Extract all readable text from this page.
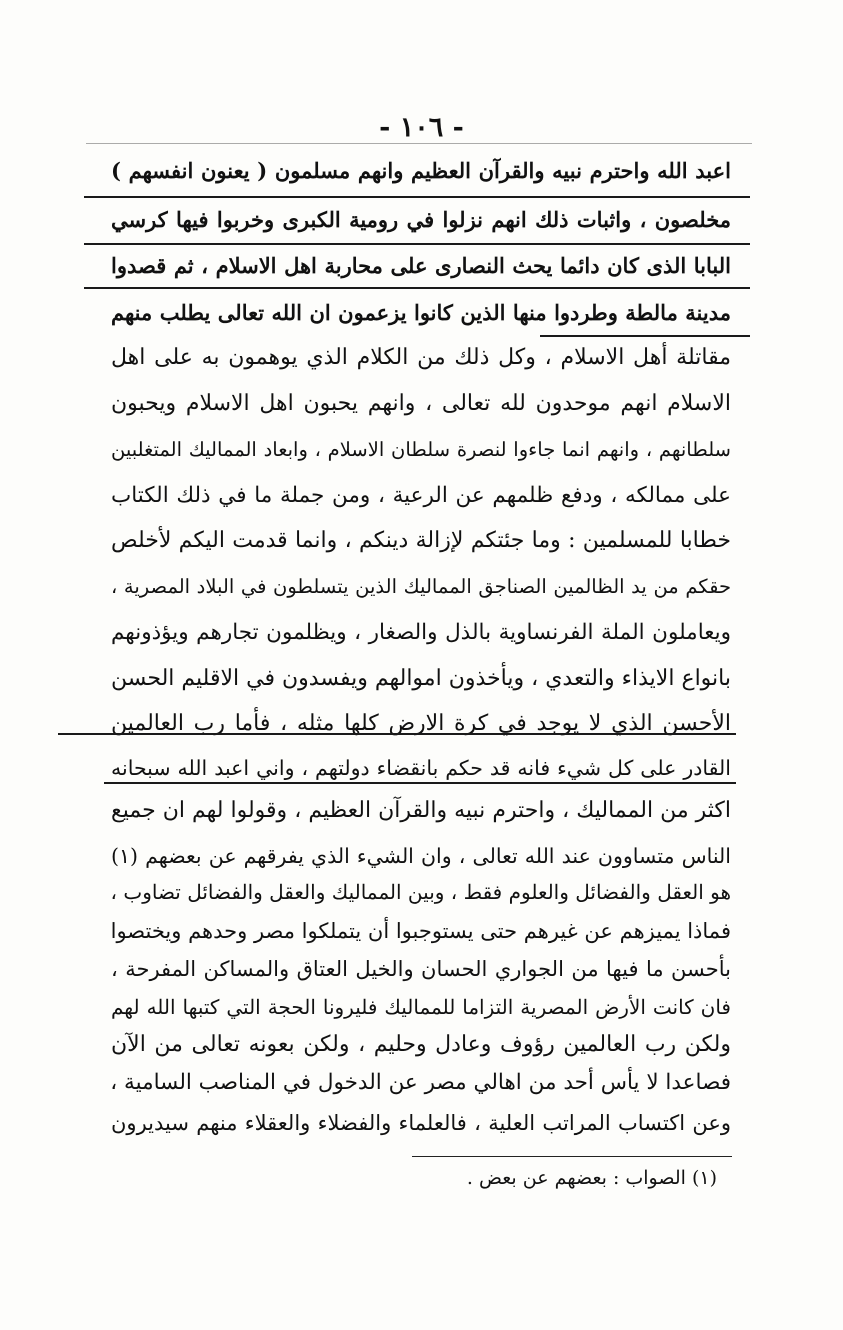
- ١٠٦ -
اعبد الله واحترم نبيه والقرآن العظيم وانهم مسلمون ( يعنون انفسهم )
مخلصون ، واثبات ذلك انهم نزلوا في رومية الكبرى وخربوا فيها كرسي
البابا الذى كان دائما يحث النصارى على محاربة اهل الاسلام ، ثم قصدوا
مدينة مالطة وطردوا منها الذين كانوا يزعمون ان الله تعالى يطلب منهم
مقاتلة أهل الاسلام ، وكل ذلك من الكلام الذي يوهمون به على اهل
الاسلام انهم موحدون لله تعالى ، وانهم يحبون اهل الاسلام ويحبون
سلطانهم ، وانهم انما جاءوا لنصرة سلطان الاسلام ، وابعاد المماليك المتغلبين
على ممالكه ، ودفع ظلمهم عن الرعية ، ومن جملة ما في ذلك الكتاب
خطابا للمسلمين : وما جئتكم لإزالة دينكم ، وانما قدمت اليكم لأخلص
حقكم من يد الظالمين الصناجق المماليك الذين يتسلطون في البلاد المصرية ،
ويعاملون الملة الفرنساوية بالذل والصغار ، ويظلمون تجارهم ويؤذونهم
بانواع الايذاء والتعدي ، ويأخذون اموالهم ويفسدون في الاقليم الحسن
الأحسن الذي لا يوجد في كرة الارض كلها مثله ، فأما رب العالمين
القادر على كل شيء فانه قد حكم بانقضاء دولتهم ، واني اعبد الله سبحانه
اكثر من المماليك ، واحترم نبيه والقرآن العظيم ، وقولوا لهم ان جميع
الناس متساوون عند الله تعالى ، وان الشيء الذي يفرقهم عن بعضهم (١)
هو العقل والفضائل والعلوم فقط ، وبين المماليك والعقل والفضائل تضاوب ،
فماذا يميزهم عن غيرهم حتى يستوجبوا أن يتملكوا مصر وحدهم ويختصوا
بأحسن ما فيها من الجواري الحسان والخيل العتاق والمساكن المفرحة ،
فان كانت الأرض المصرية التزاما للمماليك فليرونا الحجة التي كتبها الله لهم
ولكن رب العالمين رؤوف وعادل وحليم ، ولكن بعونه تعالى من الآن
فصاعدا لا يأس أحد من اهالي مصر عن الدخول في المناصب السامية ،
وعن اكتساب المراتب العلية ، فالعلماء والفضلاء والعقلاء منهم سيديرون
(١) الصواب : بعضهم عن بعض .
